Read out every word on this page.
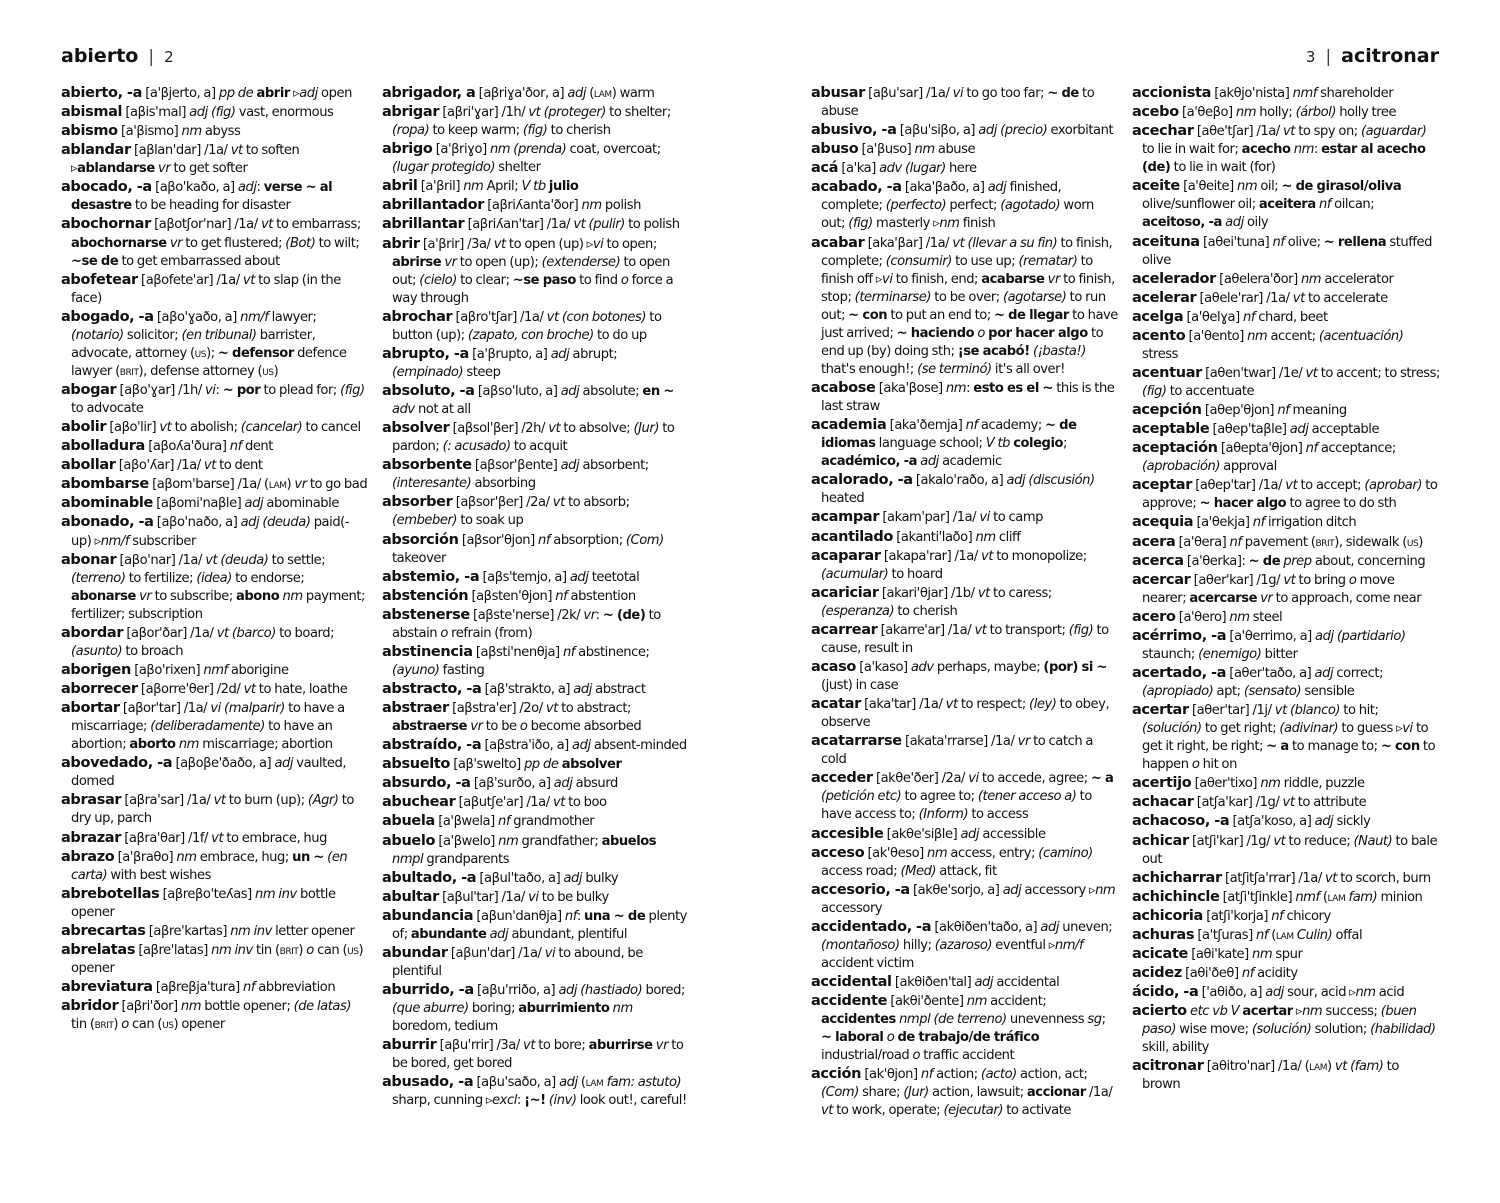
abierto | 2	3 | acitronar
abierto, -a [a'βjerto, a] pp de abrir ▹adj open
abismal [aβis'mal] adj (fig) vast, enormous
abismo [a'βismo] nm abyss
ablandar [aβlan'dar] /1a/ vt to soften ▹ablandarse vr to get softer
abocado, -a [aβo'kaðo, a] adj: verse ~ al desastre to be heading for disaster
abochornar [aβotʃor'nar] /1a/ vt to embarrass; abochornarse vr to get flustered; (Bot) to wilt; ~se de to get embarrassed about
abofetear [aβofete'ar] /1a/ vt to slap (in the face)
abogado, -a [aβo'ɣaðo, a] nm/f lawyer; (notario) solicitor; (en tribunal) barrister, advocate, attorney (us); ~ defensor defence lawyer (brit), defense attorney (us)
abogar [aβo'ɣar] /1h/ vi: ~ por to plead for; (fig) to advocate
abolir [aβo'lir] vt to abolish; (cancelar) to cancel
abolladura [aβoʎa'ðura] nf dent
abollar [aβo'ʎar] /1a/ vt to dent
abombarse [aβom'barse] /1a/ (lam) vr to go bad
abominable [aβomi'naβle] adj abominable
abonado, -a [aβo'naðo, a] adj (deuda) paid(-up) ▹nm/f subscriber
abonar [aβo'nar] /1a/ vt (deuda) to settle; (terreno) to fertilize; (idea) to endorse; abonarse vr to subscribe; abono nm payment; fertilizer; subscription
abordar [aβor'ðar] /1a/ vt (barco) to board; (asunto) to broach
aborigen [aβo'rixen] nmf aborigine
aborrecer [aβorre'θer] /2d/ vt to hate, loathe
abortar [aβor'tar] /1a/ vi (malparir) to have a miscarriage; (deliberadamente) to have an abortion; aborto nm miscarriage; abortion
abovedado, -a [aβoβe'ðaðo, a] adj vaulted, domed
abrasar [aβra'sar] /1a/ vt to burn (up); (Agr) to dry up, parch
abrazar [aβra'θar] /1f/ vt to embrace, hug
abrazo [a'βraθo] nm embrace, hug; un ~ (en carta) with best wishes
abrebotellas [aβreβo'teʎas] nm inv bottle opener
abrecartas [aβre'kartas] nm inv letter opener
abrelatas [aβre'latas] nm inv tin (brit) o can (us) opener
abreviatura [aβreβja'tura] nf abbreviation
abridor [aβri'ðor] nm bottle opener; (de latas) tin (brit) o can (us) opener
abrigador, a [aβriɣa'ðor, a] adj (lam) warm
abrigar [aβri'ɣar] /1h/ vt (proteger) to shelter; (ropa) to keep warm; (fig) to cherish
abrigo [a'βriɣo] nm (prenda) coat, overcoat; (lugar protegido) shelter
abril [a'βril] nm April; V tb julio
abrillantador [aβriʎanta'ðor] nm polish
abrillantar [aβriʎan'tar] /1a/ vt (pulir) to polish
abrir [a'βrir] /3a/ vt to open (up) ▹vi to open; abrirse vr to open (up); (extenderse) to open out; (cielo) to clear; ~se paso to find o force a way through
abrochar [aβro'tʃar] /1a/ vt (con botones) to button (up); (zapato, con broche) to do up
abrupto, -a [a'βrupto, a] adj abrupt; (empinado) steep
absoluto, -a [aβso'luto, a] adj absolute; en ~ adv not at all
absolver [aβsol'βer] /2h/ vt to absolve; (Jur) to pardon; (: acusado) to acquit
absorbente [aβsor'βente] adj absorbent; (interesante) absorbing
absorber [aβsor'βer] /2a/ vt to absorb; (embeber) to soak up
absorción [aβsor'θjon] nf absorption; (Com) takeover
abstemio, -a [aβs'temjo, a] adj teetotal
abstención [aβsten'θjon] nf abstention
abstenerse [aβste'nerse] /2k/ vr: ~ (de) to abstain o refrain (from)
abstinencia [aβsti'nenθja] nf abstinence; (ayuno) fasting
abstracto, -a [aβ'strakto, a] adj abstract
abstraer [aβstra'er] /2o/ vt to abstract; abstraerse vr to be o become absorbed
abstraído, -a [aβstra'iðo, a] adj absent-minded
absuelto [aβ'swelto] pp de absolver
absurdo, -a [aβ'surðo, a] adj absurd
abuchear [aβutʃe'ar] /1a/ vt to boo
abuela [a'βwela] nf grandmother
abuelo [a'βwelo] nm grandfather; abuelos nmpl grandparents
abultado, -a [aβul'taðo, a] adj bulky
abultar [aβul'tar] /1a/ vi to be bulky
abundancia [aβun'danθja] nf: una ~ de plenty of; abundante adj abundant, plentiful
abundar [aβun'dar] /1a/ vi to abound, be plentiful
aburrido, -a [aβu'rriðo, a] adj (hastiado) bored; (que aburre) boring; aburrimiento nm boredom, tedium
aburrir [aβu'rrir] /3a/ vt to bore; aburrirse vr to be bored, get bored
abusado, -a [aβu'saðo, a] adj (lam fam: astuto) sharp, cunning ▹excl: ¡~! (inv) look out!, careful!
abusar [aβu'sar] /1a/ vi to go too far; ~ de to abuse
abusivo, -a [aβu'siβo, a] adj (precio) exorbitant
abuso [a'βuso] nm abuse
acá [a'ka] adv (lugar) here
acabado, -a [aka'βaðo, a] adj finished, complete; (perfecto) perfect; (agotado) worn out; (fig) masterly ▹nm finish
acabar [aka'βar] /1a/ vt (llevar a su fin) to finish, complete; (consumir) to use up; (rematar) to finish off ▹vi to finish, end; acabarse vr to finish, stop; (terminarse) to be over; (agotarse) to run out; ~ con to put an end to; ~ de llegar to have just arrived; ~ haciendo o por hacer algo to end up (by) doing sth; ¡se acabó! (¡basta!) that's enough!; (se terminó) it's all over!
acabose [aka'βose] nm: esto es el ~ this is the last straw
academia [aka'ðemja] nf academy; ~ de idiomas language school; V tb colegio; académico, -a adj academic
acalorado, -a [akalo'raðo, a] adj (discusión) heated
acampar [akam'par] /1a/ vi to camp
acantilado [akanti'laðo] nm cliff
acaparar [akapa'rar] /1a/ vt to monopolize; (acumular) to hoard
acariciar [akari'θjar] /1b/ vt to caress; (esperanza) to cherish
acarrear [akarre'ar] /1a/ vt to transport; (fig) to cause, result in
acaso [a'kaso] adv perhaps, maybe; (por) si ~ (just) in case
acatar [aka'tar] /1a/ vt to respect; (ley) to obey, observe
acatarrarse [akata'rrarse] /1a/ vr to catch a cold
acceder [akθe'ðer] /2a/ vi to accede, agree; ~ a (petición etc) to agree to; (tener acceso a) to have access to; (Inform) to access
accesible [akθe'siβle] adj accessible
acceso [ak'θeso] nm access, entry; (camino) access road; (Med) attack, fit
accesorio, -a [akθe'sorjo, a] adj accessory ▹nm accessory
accidentado, -a [akθiðen'taðo, a] adj uneven; (montañoso) hilly; (azaroso) eventful ▹nm/f accident victim
accidental [akθiðen'tal] adj accidental
accidente [akθi'ðente] nm accident; accidentes nmpl (de terreno) unevenness sg; ~ laboral o de trabajo/de tráfico industrial/road o traffic accident
acción [ak'θjon] nf action; (acto) action, act; (Com) share; (Jur) action, lawsuit; accionar /1a/ vt to work, operate; (ejecutar) to activate
accionista [akθjo'nista] nmf shareholder
acebo [a'θeβo] nm holly; (árbol) holly tree
acechar [aθe'tʃar] /1a/ vt to spy on; (aguardar) to lie in wait for; acecho nm: estar al acecho (de) to lie in wait (for)
aceite [a'θeite] nm oil; ~ de girasol/oliva olive/sunflower oil; aceitera nf oilcan; aceitoso, -a adj oily
aceituna [aθei'tuna] nf olive; ~ rellena stuffed olive
acelerador [aθelera'ðor] nm accelerator
acelerar [aθele'rar] /1a/ vt to accelerate
acelga [a'θelɣa] nf chard, beet
acento [a'θento] nm accent; (acentuación) stress
acentuar [aθen'twar] /1e/ vt to accent; to stress; (fig) to accentuate
acepción [aθep'θjon] nf meaning
aceptable [aθep'taβle] adj acceptable
aceptación [aθepta'θjon] nf acceptance; (aprobación) approval
aceptar [aθep'tar] /1a/ vt to accept; (aprobar) to approve; ~ hacer algo to agree to do sth
acequia [a'θekja] nf irrigation ditch
acera [a'θera] nf pavement (brit), sidewalk (us)
acerca [a'θerka]: ~ de prep about, concerning
acercar [aθer'kar] /1g/ vt to bring o move nearer; acercarse vr to approach, come near
acero [a'θero] nm steel
acérrimo, -a [a'θerrimo, a] adj (partidario) staunch; (enemigo) bitter
acertado, -a [aθer'taðo, a] adj correct; (apropiado) apt; (sensato) sensible
acertar [aθer'tar] /1j/ vt (blanco) to hit; (solución) to get right; (adivinar) to guess ▹vi to get it right, be right; ~ a to manage to; ~ con to happen o hit on
acertijo [aθer'tixo] nm riddle, puzzle
achacar [atʃa'kar] /1g/ vt to attribute
achacoso, -a [atʃa'koso, a] adj sickly
achicar [atʃi'kar] /1g/ vt to reduce; (Naut) to bale out
achicharrar [atʃitʃa'rrar] /1a/ vt to scorch, burn
achichincle [atʃi'tʃinkle] nmf (lam fam) minion
achicoria [atʃi'korja] nf chicory
achuras [a'tʃuras] nf (lam Culin) offal
acicate [aθi'kate] nm spur
acidez [aθi'ðeθ] nf acidity
ácido, -a ['aθiðo, a] adj sour, acid ▹nm acid
acierto etc vb V acertar ▹nm success; (buen paso) wise move; (solución) solution; (habilidad) skill, ability
acitronar [aθitro'nar] /1a/ (lam) vt (fam) to brown
